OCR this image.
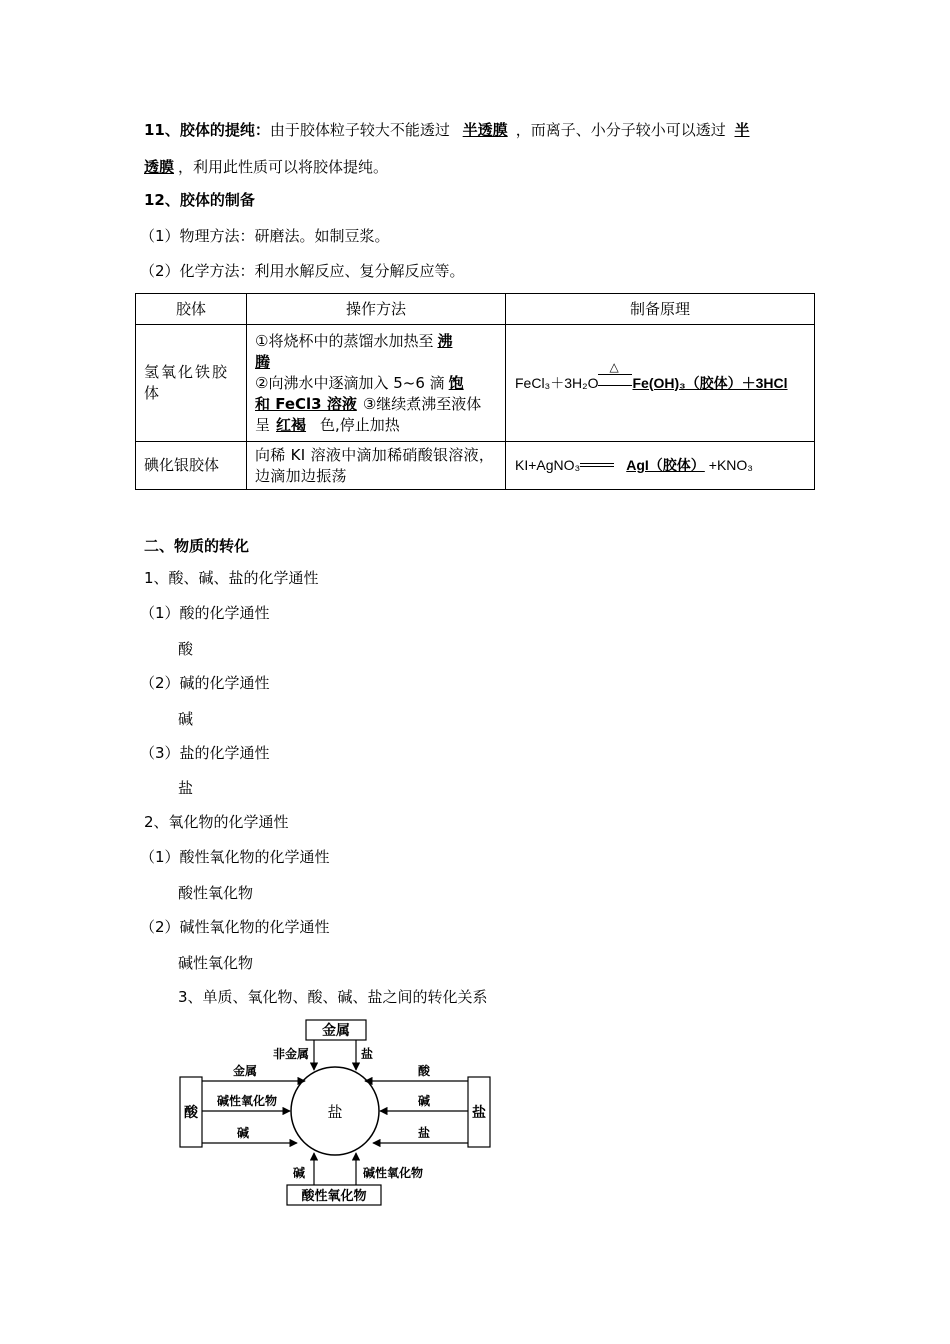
11、胶体的提纯：由于胶体粒子较大不能透过 半透膜 ，而离子、小分子较小可以透过 半
透膜 ，利用此性质可以将胶体提纯。
12、胶体的制备
（1）物理方法：研磨法。如制豆浆。
（2）化学方法：利用水解反应、复分解反应等。
胶体	操作方法	制备原理
氢氧化铁胶体	①将烧杯中的蒸馏水加热至 沸
腾
②向沸水中逐滴加入 5~6 滴 饱
和 FeCl3 溶液 ③继续煮沸至液体
呈 红褐 色,停止加热	FeCl₃＋3H₂O
△
Fe(OH)₃（胶体）＋3HCl
碘化银胶体	向稀 KI 溶液中滴加稀硝酸银溶液，边滴加边振荡	KI+AgNO₃ AgI（胶体） +KNO₃
二、物质的转化
1、酸、碱、盐的化学通性
（1）酸的化学通性
酸
（2）碱的化学通性
碱
（3）盐的化学通性
盐
2、氧化物的化学通性
（1）酸性氧化物的化学通性
酸性氧化物
（2）碱性氧化物的化学通性
碱性氧化物
3、单质、氧化物、酸、碱、盐之间的转化关系
盐
金属
酸	盐
酸性氧化物
非金属	盐
金属
碱性氧化物
碱
酸
碱
盐
碱	碱性氧化物
